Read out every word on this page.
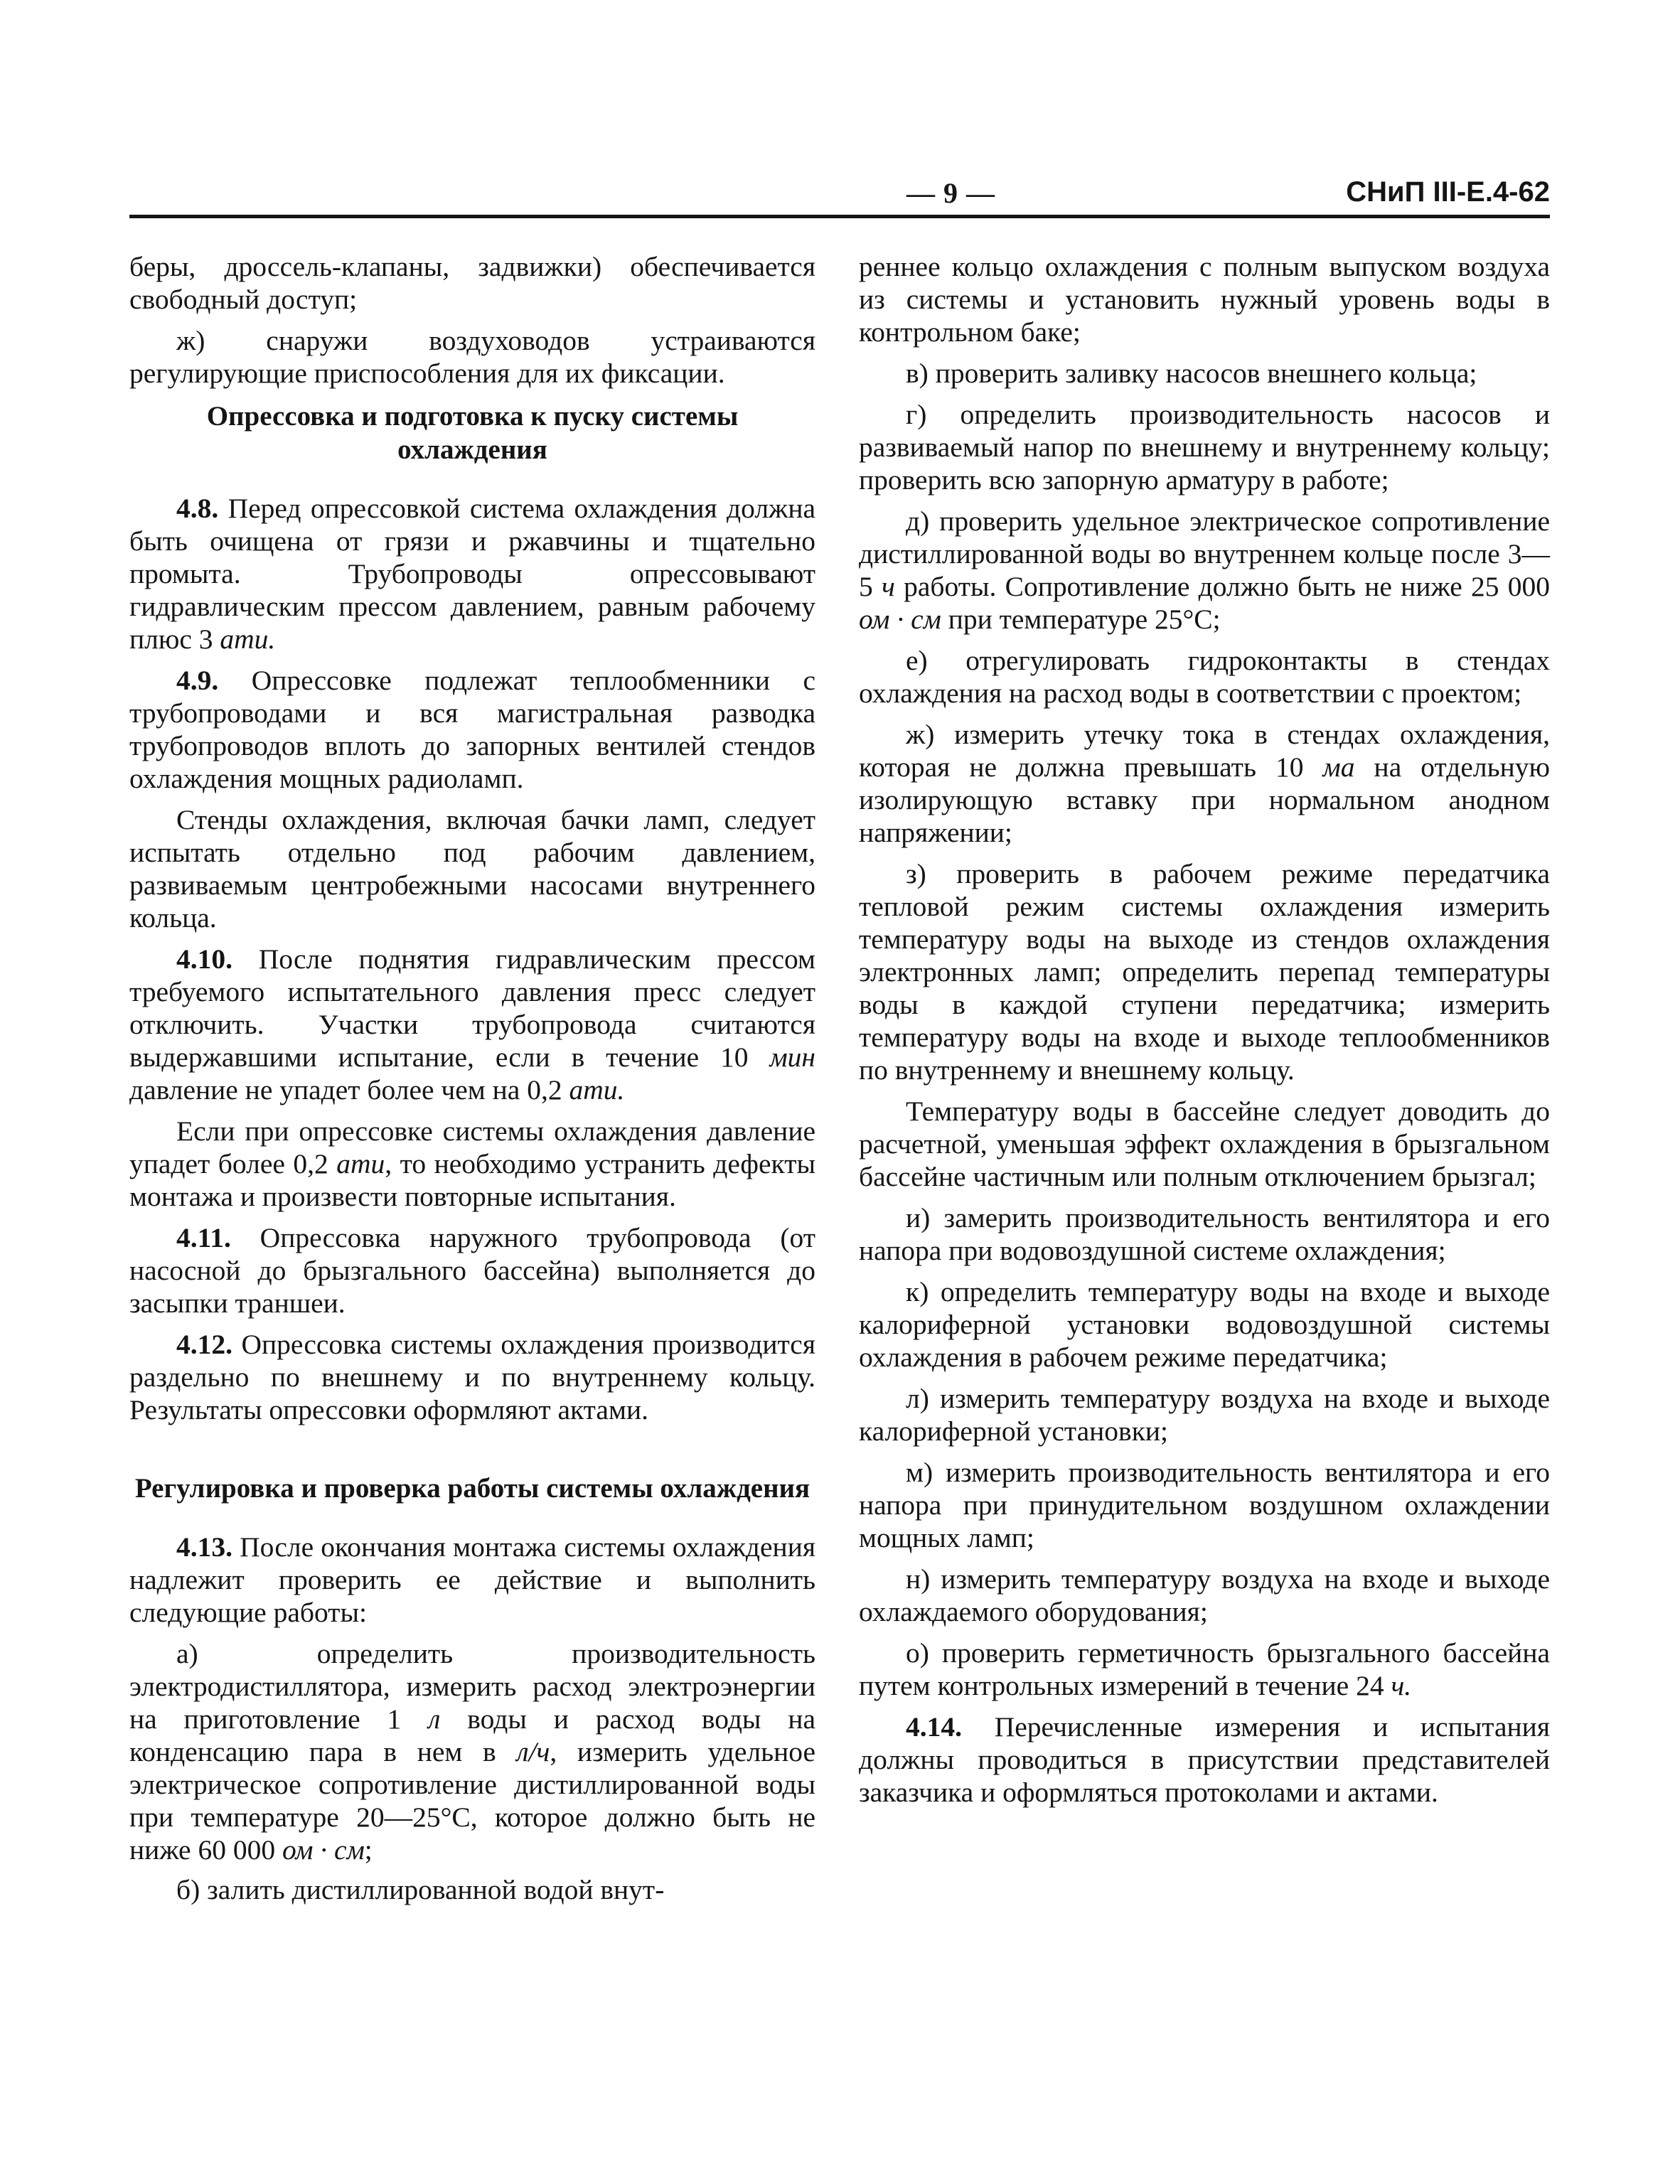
— 9 —	СНиП III-Е.4-62

беры, дроссель-клапаны, задвижки) обеспечивается свободный доступ;

ж) снаружи воздуховодов устраиваются регулирующие приспособления для их фиксации.

Опрессовка и подготовка к пуску системы охлаждения

4.8. Перед опрессовкой система охлаждения должна быть очищена от грязи и ржавчины и тщательно промыта. Трубопроводы опрессовывают гидравлическим прессом давлением, равным рабочему плюс 3 ати.

4.9. Опрессовке подлежат теплообменники с трубопроводами и вся магистральная разводка трубопроводов вплоть до запорных вентилей стендов охлаждения мощных радиоламп.

Стенды охлаждения, включая бачки ламп, следует испытать отдельно под рабочим давлением, развиваемым центробежными насосами внутреннего кольца.

4.10. После поднятия гидравлическим прессом требуемого испытательного давления пресс следует отключить. Участки трубопровода считаются выдержавшими испытание, если в течение 10 мин давление не упадет более чем на 0,2 ати.

Если при опрессовке системы охлаждения давление упадет более 0,2 ати, то необходимо устранить дефекты монтажа и произвести повторные испытания.

4.11. Опрессовка наружного трубопровода (от насосной до брызгального бассейна) выполняется до засыпки траншеи.

4.12. Опрессовка системы охлаждения производится раздельно по внешнему и по внутреннему кольцу. Результаты опрессовки оформляют актами.

Регулировка и проверка работы системы охлаждения

4.13. После окончания монтажа системы охлаждения надлежит проверить ее действие и выполнить следующие работы:

а) определить производительность электродистиллятора, измерить расход электроэнергии на приготовление 1 л воды и расход воды на конденсацию пара в нем в л/ч, измерить удельное электрическое сопротивление дистиллированной воды при температуре 20—25°С, которое должно быть не ниже 60 000 ом · см;

б) залить дистиллированной водой внут-

реннее кольцо охлаждения с полным выпуском воздуха из системы и установить нужный уровень воды в контрольном баке;

в) проверить заливку насосов внешнего кольца;

г) определить производительность насосов и развиваемый напор по внешнему и внутреннему кольцу; проверить всю запорную арматуру в работе;

д) проверить удельное электрическое сопротивление дистиллированной воды во внутреннем кольце после 3—5 ч работы. Сопротивление должно быть не ниже 25 000 ом · см при температуре 25°С;

е) отрегулировать гидроконтакты в стендах охлаждения на расход воды в соответствии с проектом;

ж) измерить утечку тока в стендах охлаждения, которая не должна превышать 10 ма на отдельную изолирующую вставку при нормальном анодном напряжении;

з) проверить в рабочем режиме передатчика тепловой режим системы охлаждения измерить температуру воды на выходе из стендов охлаждения электронных ламп; определить перепад температуры воды в каждой ступени передатчика; измерить температуру воды на входе и выходе теплообменников по внутреннему и внешнему кольцу.

Температуру воды в бассейне следует доводить до расчетной, уменьшая эффект охлаждения в брызгальном бассейне частичным или полным отключением брызгал;

и) замерить производительность вентилятора и его напора при водовоздушной системе охлаждения;

к) определить температуру воды на входе и выходе калориферной установки водовоздушной системы охлаждения в рабочем режиме передатчика;

л) измерить температуру воздуха на входе и выходе калориферной установки;

м) измерить производительность вентилятора и его напора при принудительном воздушном охлаждении мощных ламп;

н) измерить температуру воздуха на входе и выходе охлаждаемого оборудования;

о) проверить герметичность брызгального бассейна путем контрольных измерений в течение 24 ч.

4.14. Перечисленные измерения и испытания должны проводиться в присутствии представителей заказчика и оформляться протоколами и актами.
